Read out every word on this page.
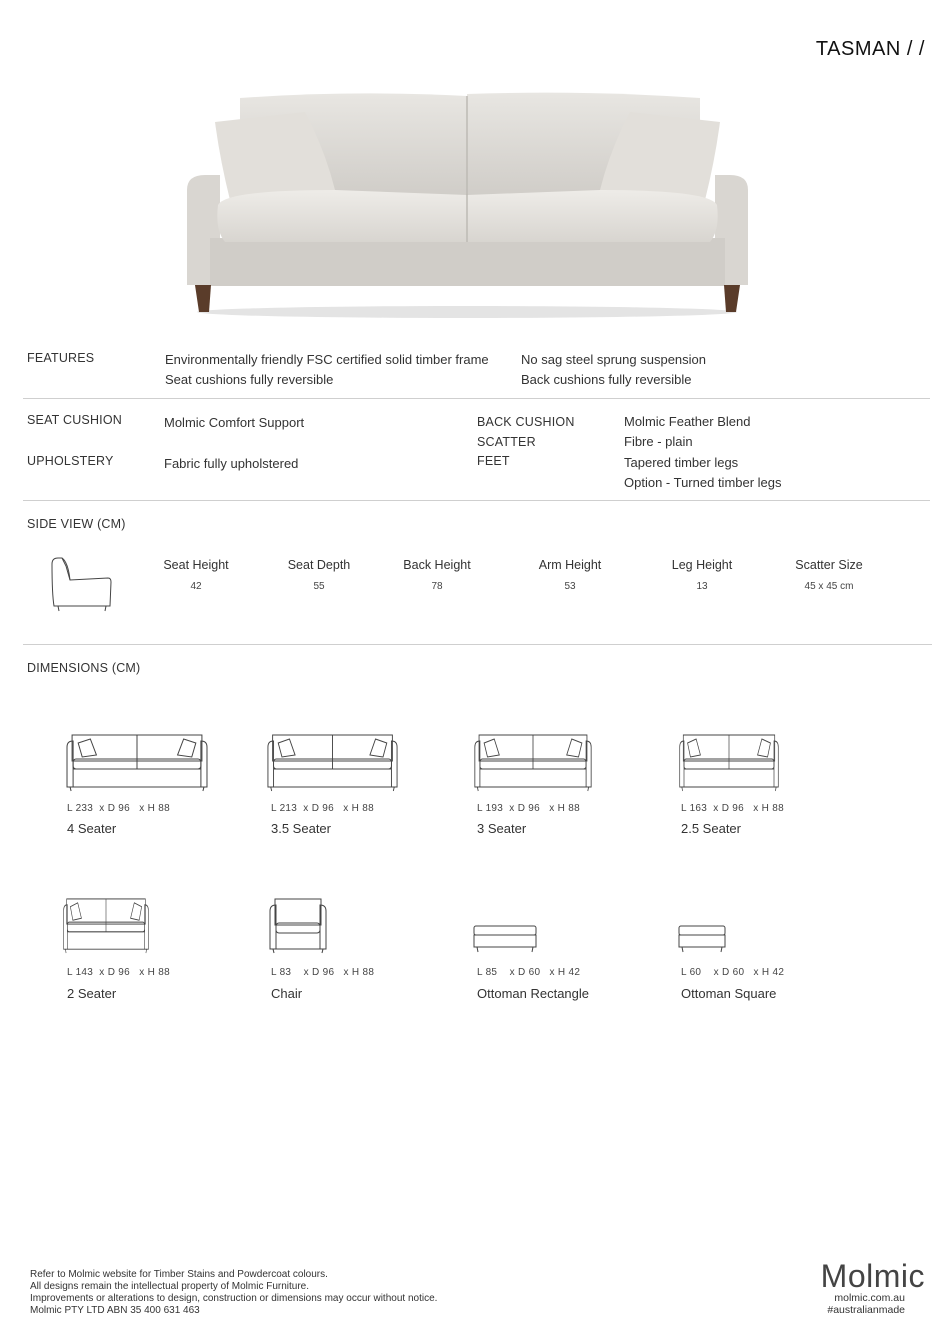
TASMAN / /
FEATURES	Environmentally friendly FSC certified solid timber frame
Seat cushions fully reversible
No sag steel sprung suspension
Back cushions fully reversible
SEAT CUSHION	Molmic Comfort Support
UPHOLSTERY	Fabric fully upholstered
BACK CUSHION	Molmic Feather Blend
SCATTER	Fibre - plain
FEET	Tapered timber legs
Option - Turned timber legs
SIDE VIEW (CM)
Seat Height
42
Seat Depth
55
Back Height
78
Arm Height
53
Leg Height
13
Scatter Size
45 x 45 cm
DIMENSIONS (CM)
L 233  x D 96   x H 88
4 Seater
L 213  x D 96   x H 88
3.5 Seater
L 193  x D 96   x H 88
3 Seater
L 163  x D 96   x H 88
2.5 Seater
L 143  x D 96   x H 88
2 Seater
L 83    x D 96   x H 88
Chair
L 85    x D 60   x H 42
Ottoman Rectangle
L 60    x D 60   x H 42
Ottoman Square
Refer to Molmic website for Timber Stains and Powdercoat colours.
All designs remain the intellectual property of Molmic Furniture.
Improvements or alterations to design, construction or dimensions may occur without notice.
Molmic PTY LTD ABN 35 400 631 463
Molmic
molmic.com.au
#australianmade
